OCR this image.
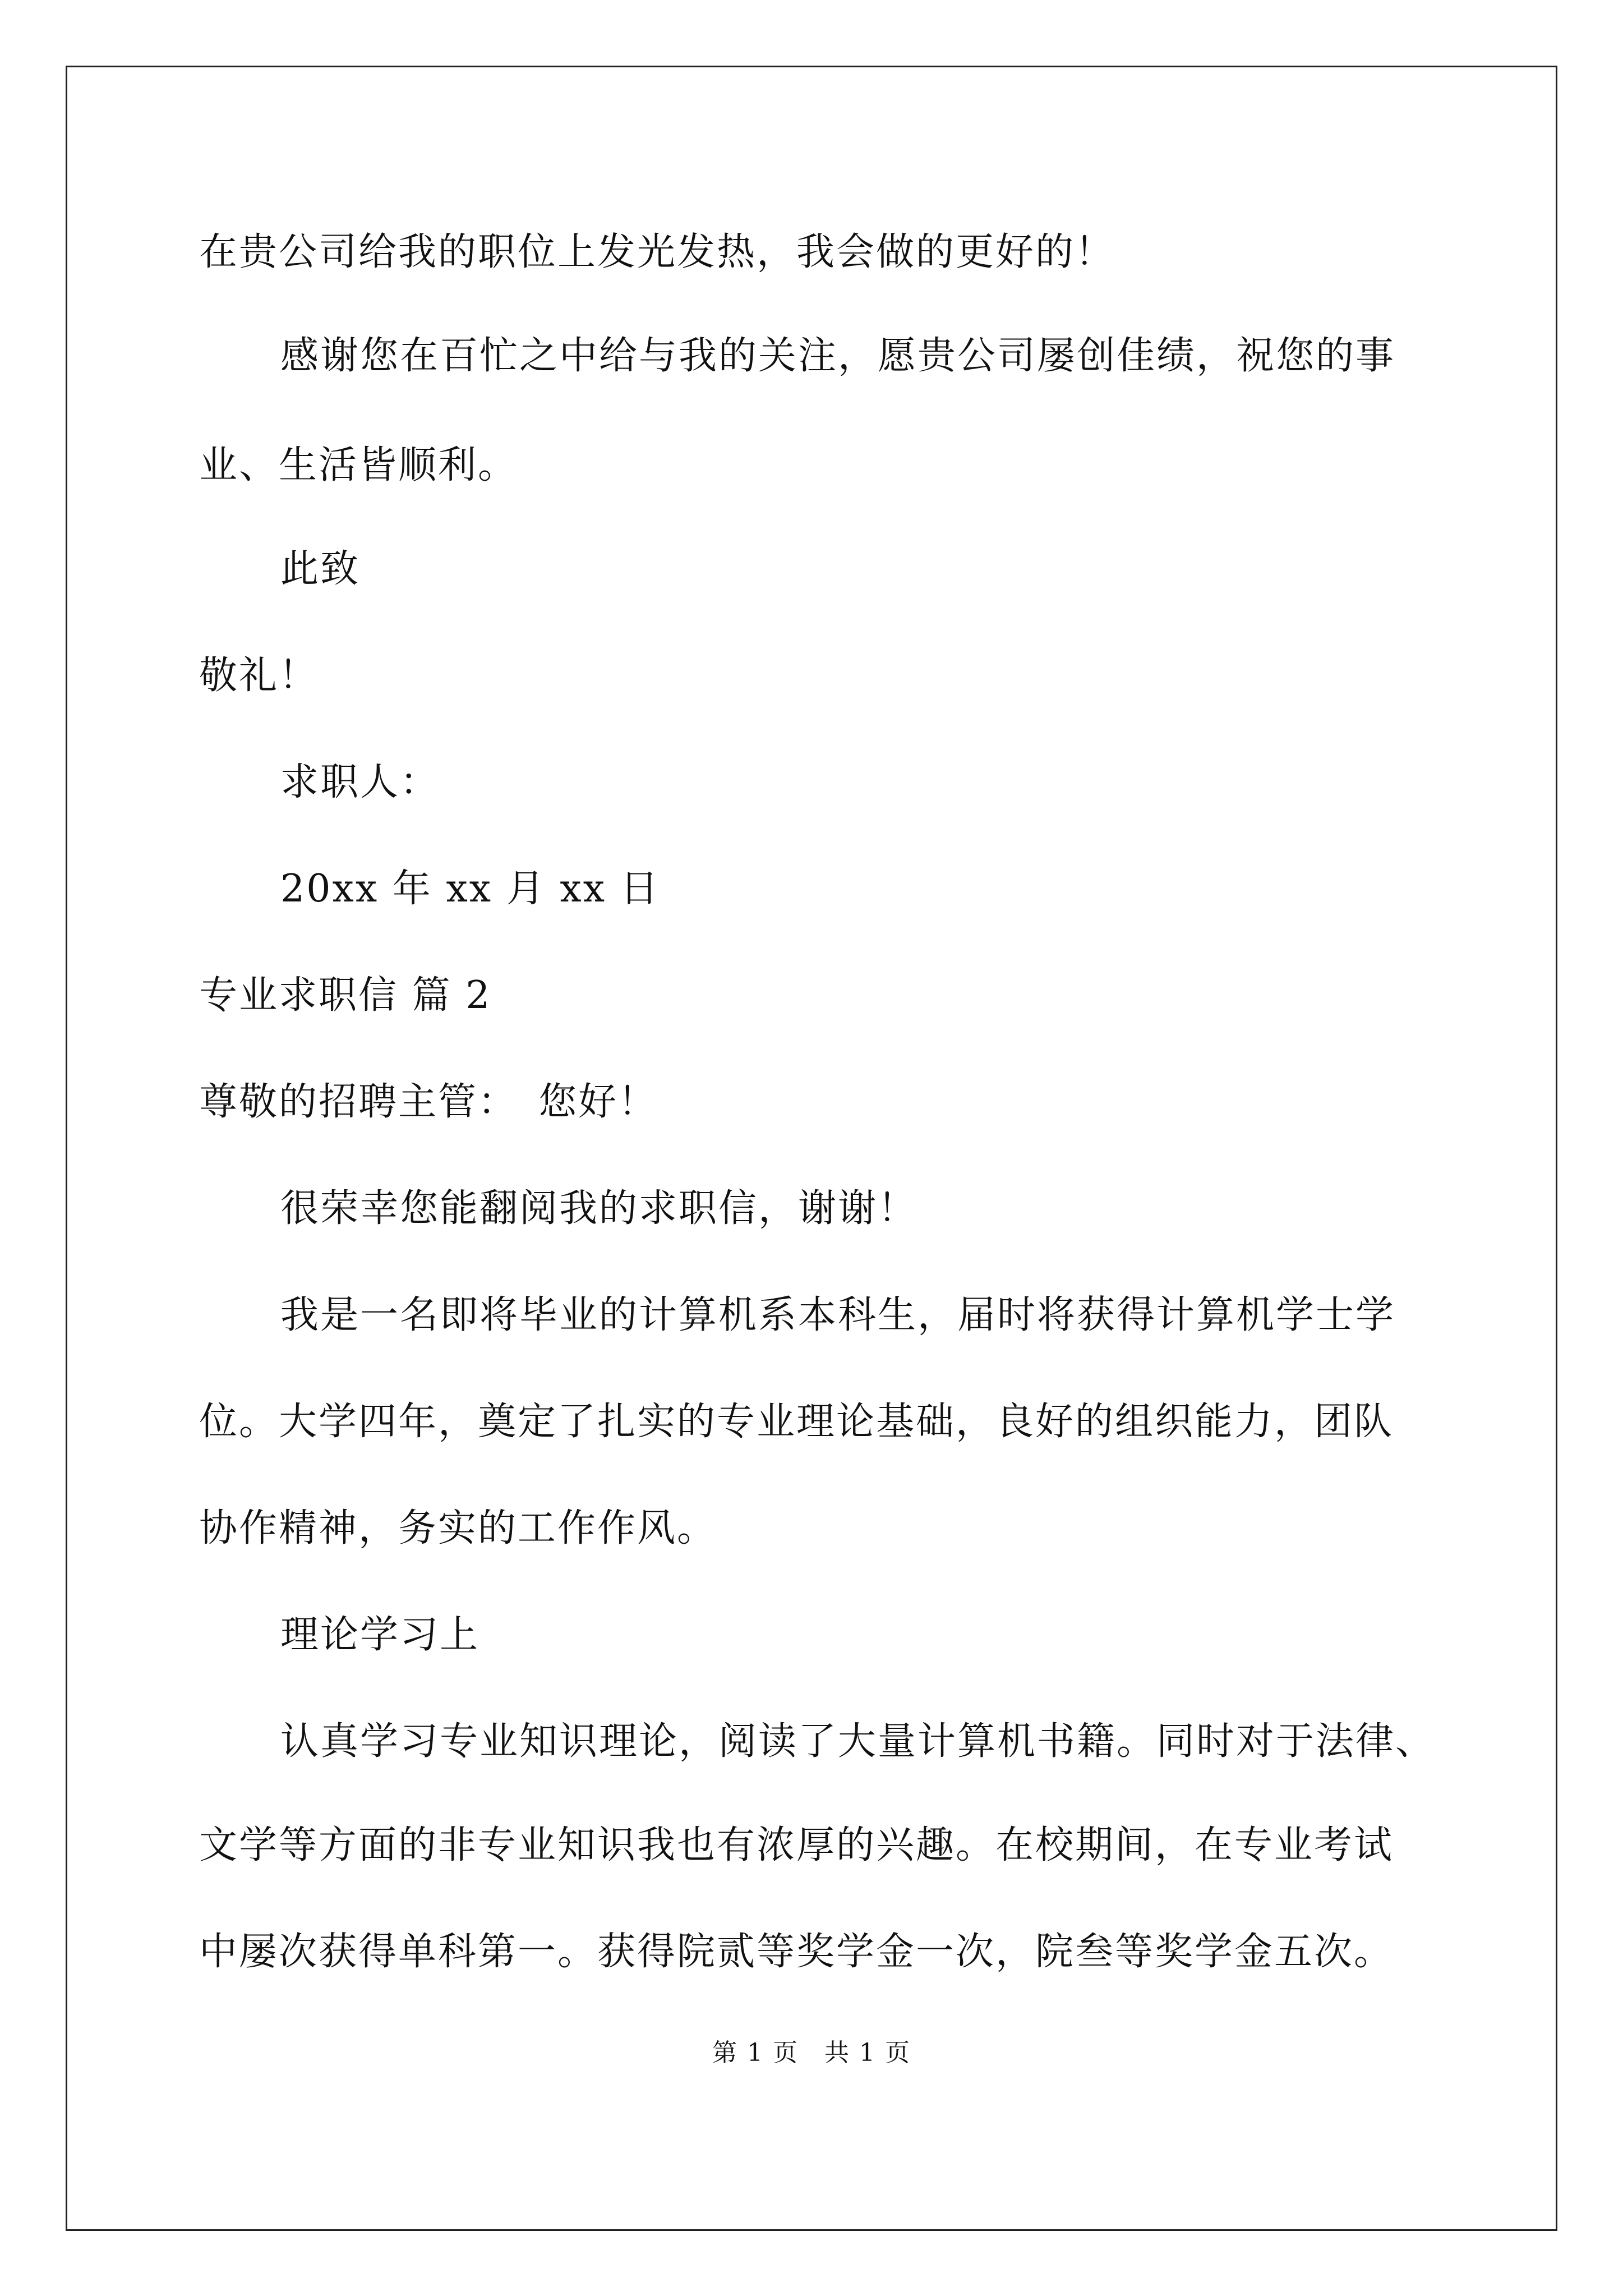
在贵公司给我的职位上发光发热，我会做的更好的！
感谢您在百忙之中给与我的关注，愿贵公司屡创佳绩，祝您的事
业、生活皆顺利。
此致
敬礼！
求职人：
20xx 年 xx 月 xx 日
专业求职信 篇 2
尊敬的招聘主管：　您好！
很荣幸您能翻阅我的求职信，谢谢！
我是一名即将毕业的计算机系本科生，届时将获得计算机学士学
位。大学四年，奠定了扎实的专业理论基础，良好的组织能力，团队
协作精神，务实的工作作风。
理论学习上
认真学习专业知识理论，阅读了大量计算机书籍。同时对于法律、
文学等方面的非专业知识我也有浓厚的兴趣。在校期间，在专业考试
中屡次获得单科第一。获得院贰等奖学金一次，院叁等奖学金五次。
第 1 页　共 1 页
